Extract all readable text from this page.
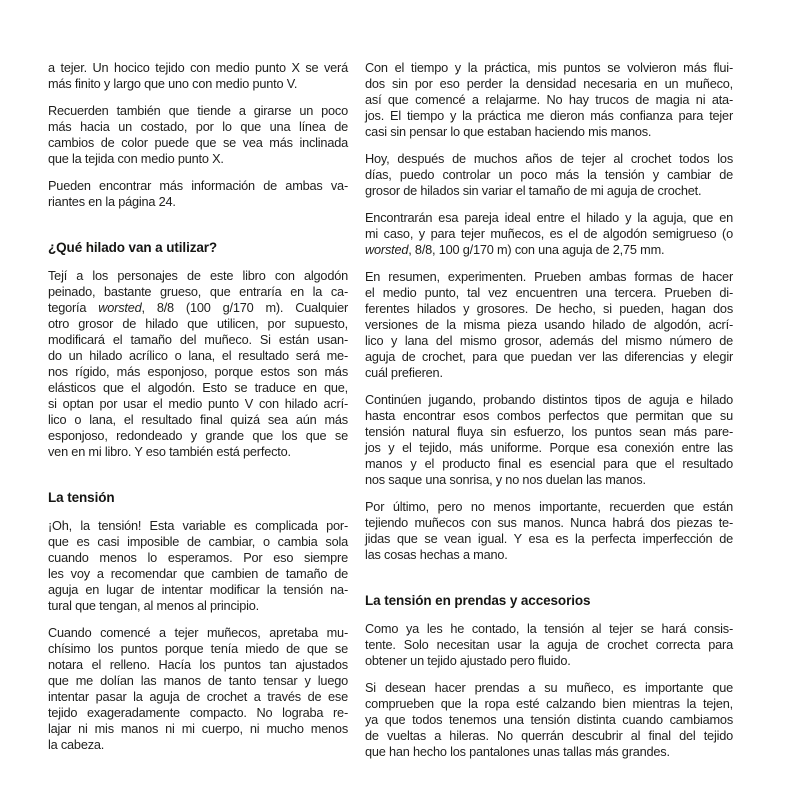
a tejer. Un hocico tejido con medio punto X se verá
más finito y largo que uno con medio punto V.
Recuerden también que tiende a girarse un poco
más hacia un costado, por lo que una línea de
cambios de color puede que se vea más inclinada
que la tejida con medio punto X.
Pueden encontrar más información de ambas va-
riantes en la página 24.
¿Qué hilado van a utilizar?
Tejí a los personajes de este libro con algodón
peinado, bastante grueso, que entraría en la ca-
tegoría worsted, 8/8 (100 g/170 m). Cualquier
otro grosor de hilado que utilicen, por supuesto,
modificará el tamaño del muñeco. Si están usan-
do un hilado acrílico o lana, el resultado será me-
nos rígido, más esponjoso, porque estos son más
elásticos que el algodón. Esto se traduce en que,
si optan por usar el medio punto V con hilado acrí-
lico o lana, el resultado final quizá sea aún más
esponjoso, redondeado y grande que los que se
ven en mi libro. Y eso también está perfecto.
La tensión
¡Oh, la tensión! Esta variable es complicada por-
que es casi imposible de cambiar, o cambia sola
cuando menos lo esperamos. Por eso siempre
les voy a recomendar que cambien de tamaño de
aguja en lugar de intentar modificar la tensión na-
tural que tengan, al menos al principio.
Cuando comencé a tejer muñecos, apretaba mu-
chísimo los puntos porque tenía miedo de que se
notara el relleno. Hacía los puntos tan ajustados
que me dolían las manos de tanto tensar y luego
intentar pasar la aguja de crochet a través de ese
tejido exageradamente compacto. No lograba re-
lajar ni mis manos ni mi cuerpo, ni mucho menos
la cabeza.
Con el tiempo y la práctica, mis puntos se volvieron más flui-
dos sin por eso perder la densidad necesaria en un muñeco,
así que comencé a relajarme. No hay trucos de magia ni ata-
jos. El tiempo y la práctica me dieron más confianza para tejer
casi sin pensar lo que estaban haciendo mis manos.
Hoy, después de muchos años de tejer al crochet todos los
días, puedo controlar un poco más la tensión y cambiar de
grosor de hilados sin variar el tamaño de mi aguja de crochet.
Encontrarán esa pareja ideal entre el hilado y la aguja, que en
mi caso, y para tejer muñecos, es el de algodón semigrueso (o
worsted, 8/8, 100 g/170 m) con una aguja de 2,75 mm.
En resumen, experimenten. Prueben ambas formas de hacer
el medio punto, tal vez encuentren una tercera. Prueben di-
ferentes hilados y grosores. De hecho, si pueden, hagan dos
versiones de la misma pieza usando hilado de algodón, acrí-
lico y lana del mismo grosor, además del mismo número de
aguja de crochet, para que puedan ver las diferencias y elegir
cuál prefieren.
Continúen jugando, probando distintos tipos de aguja e hilado
hasta encontrar esos combos perfectos que permitan que su
tensión natural fluya sin esfuerzo, los puntos sean más pare-
jos y el tejido, más uniforme. Porque esa conexión entre las
manos y el producto final es esencial para que el resultado
nos saque una sonrisa, y no nos duelan las manos.
Por último, pero no menos importante, recuerden que están
tejiendo muñecos con sus manos. Nunca habrá dos piezas te-
jidas que se vean igual. Y esa es la perfecta imperfección de
las cosas hechas a mano.
La tensión en prendas y accesorios
Como ya les he contado, la tensión al tejer se hará consis-
tente. Solo necesitan usar la aguja de crochet correcta para
obtener un tejido ajustado pero fluido.
Si desean hacer prendas a su muñeco, es importante que
comprueben que la ropa esté calzando bien mientras la tejen,
ya que todos tenemos una tensión distinta cuando cambiamos
de vueltas a hileras. No querrán descubrir al final del tejido
que han hecho los pantalones unas tallas más grandes.
